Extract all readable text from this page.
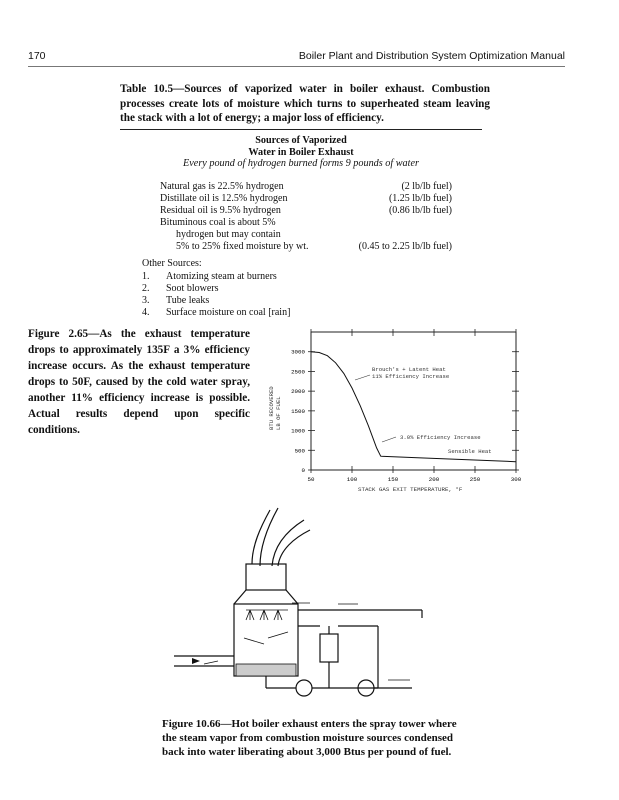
170	Boiler Plant and Distribution System Optimization Manual
Table 10.5—Sources of vaporized water in boiler exhaust. Combustion processes create lots of moisture which turns to superheated steam leaving the stack with a lot of energy; a major loss of efficiency.
Sources of Vaporized
Water in Boiler Exhaust
Every pound of hydrogen burned forms 9 pounds of water
Natural gas is 22.5% hydrogen	(2 lb/lb fuel)
Distillate oil is 12.5% hydrogen	(1.25 lb/lb fuel)
Residual oil is 9.5% hydrogen	(0.86 lb/lb fuel)
Bituminous coal is about 5%
hydrogen but may contain
5% to 25% fixed moisture by wt.	(0.45 to 2.25 lb/lb fuel)
Other Sources:
1. Atomizing steam at burners
2. Soot blowers
3. Tube leaks
4. Surface moisture on coal [rain]
Figure 2.65—As the exhaust temperature drops to approximately 135F a 3% efficiency increase occurs. As the exhaust temperature drops to 50F, caused by the cold water spray, another 11% efficiency increase is possible. Actual results depend upon specific conditions.
0
500
1000
1500
2000
2500
3000
50	100	150	200	250	300
Brouch's + Latent Heat
11% Efficiency Increase
3.0% Efficiency Increase
Sensible Heat
BTU RECOVERED LB OF FUEL
STACK GAS EXIT TEMPERATURE, °F
Figure 10.66—Hot boiler exhaust enters the spray tower where the steam vapor from combustion moisture sources condensed back into water liberating about 3,000 Btus per pound of fuel.
